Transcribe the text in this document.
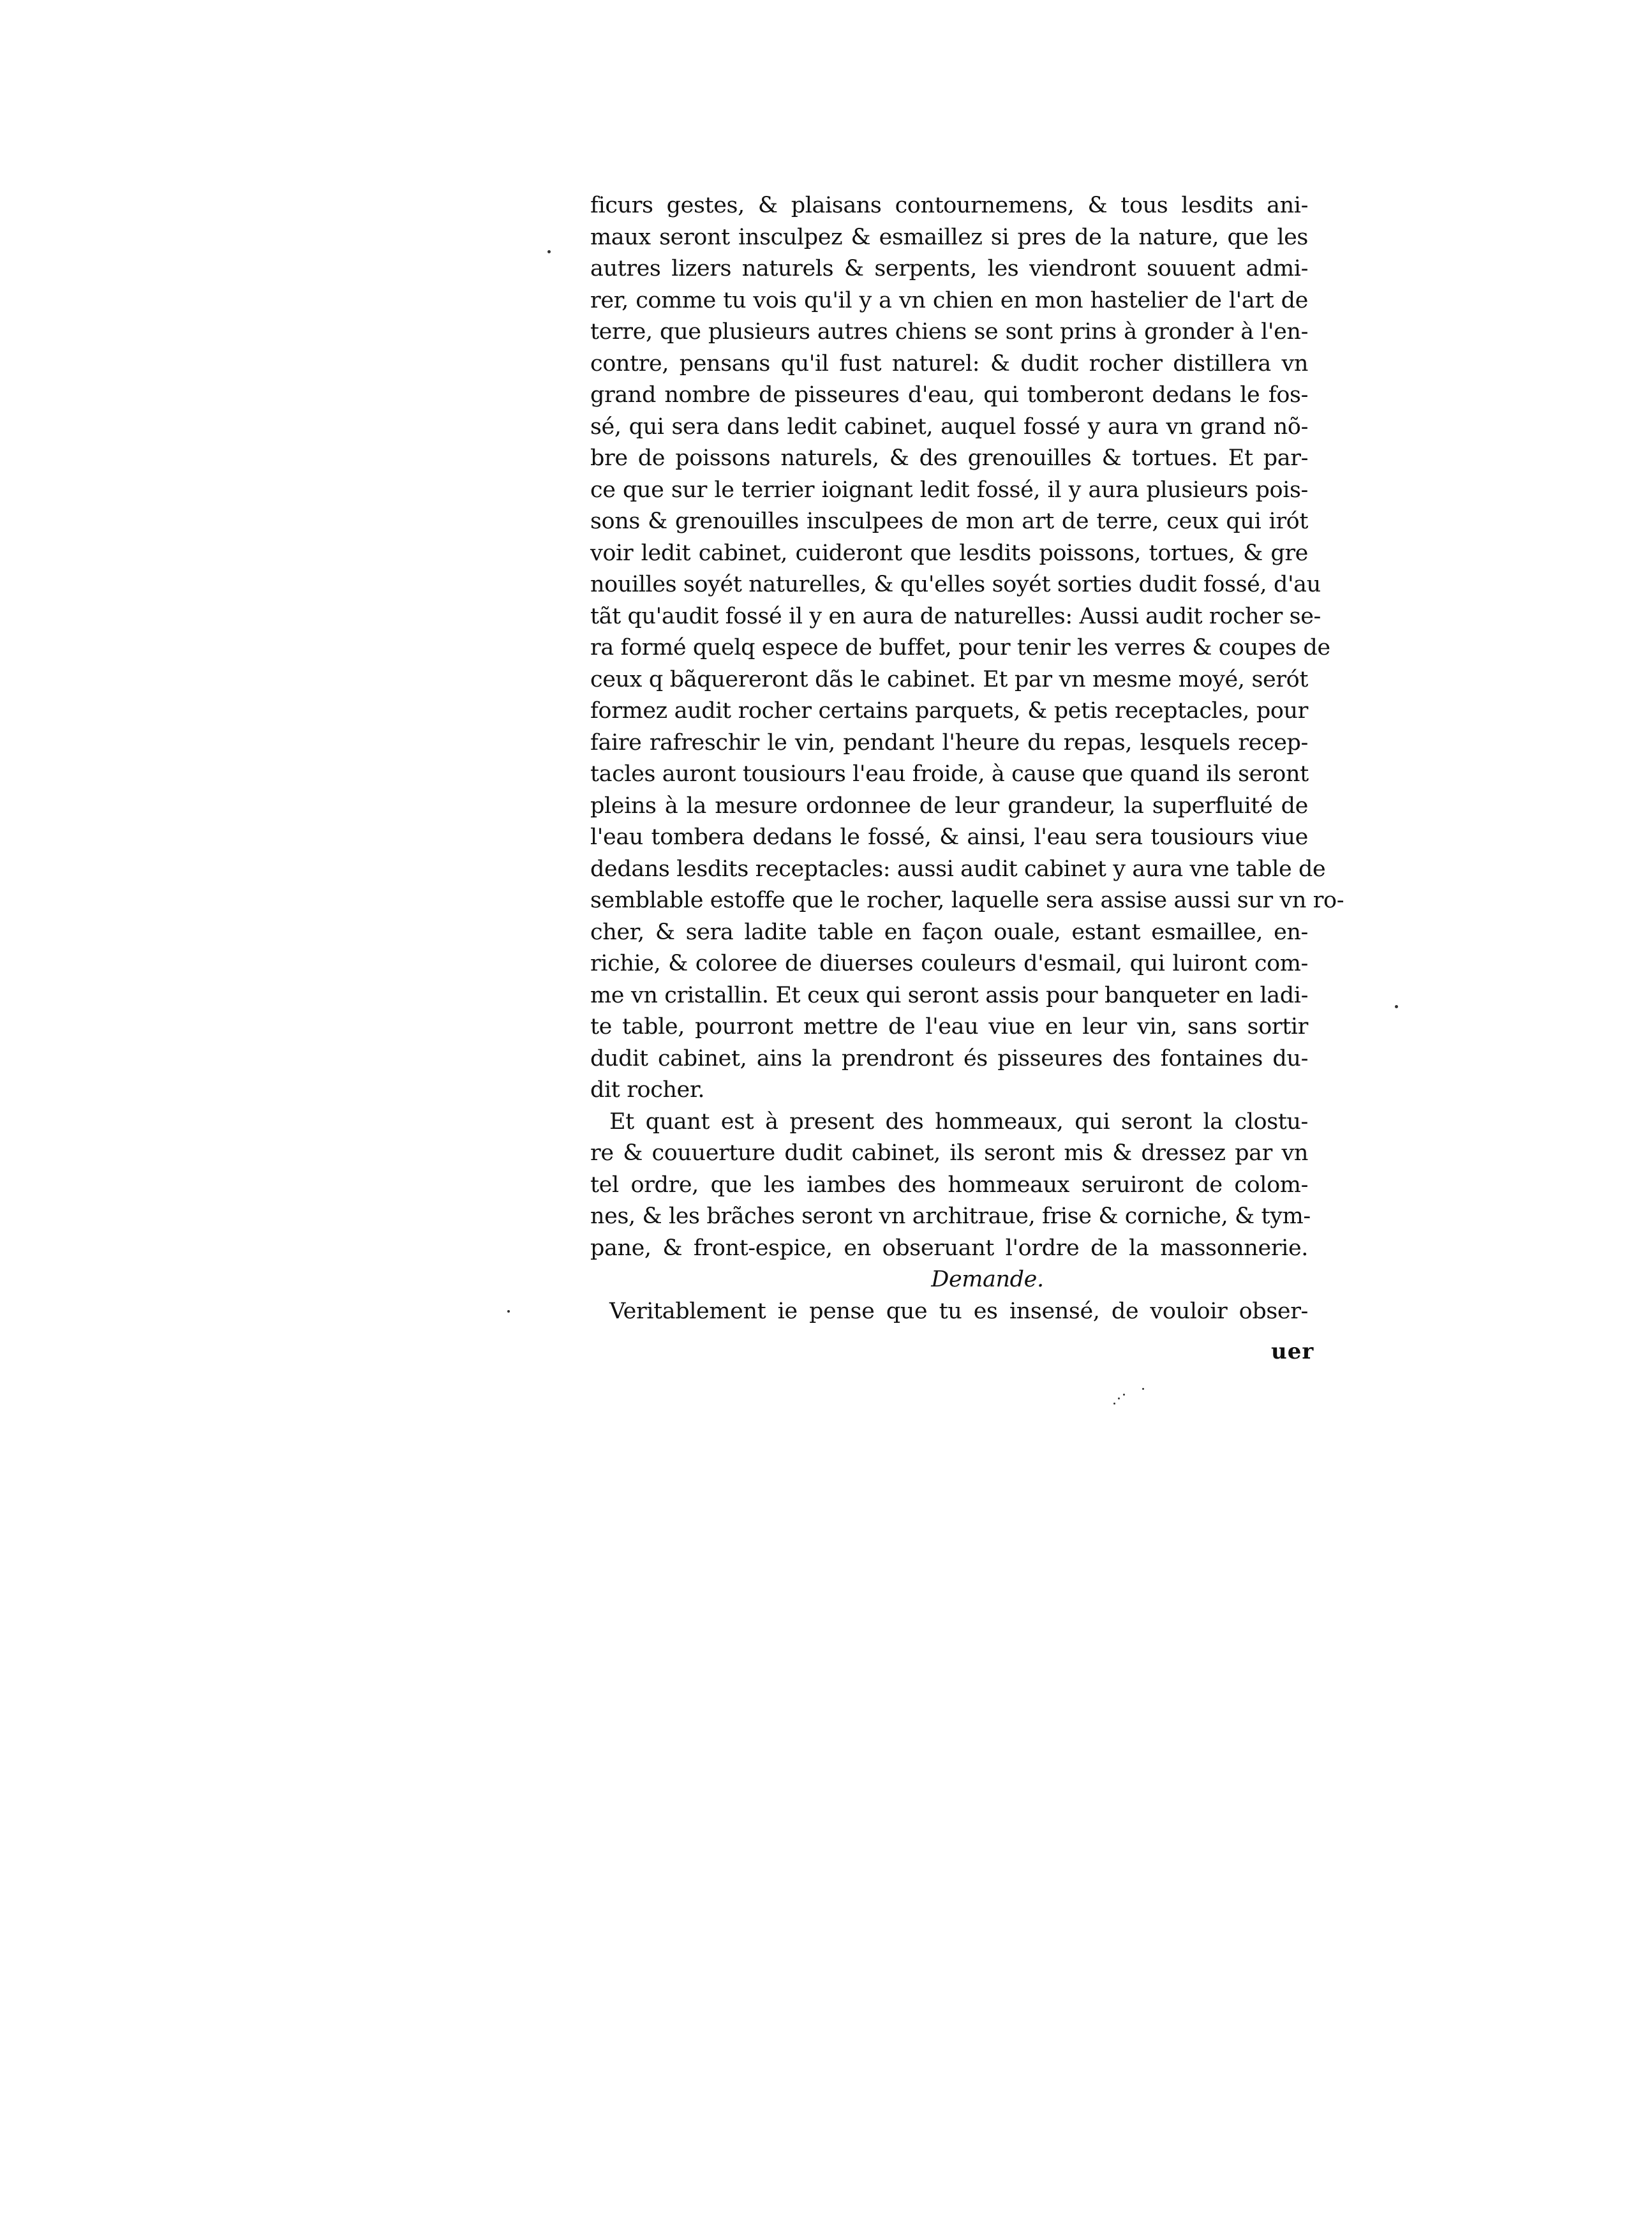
ficurs gestes, & plaisans contournemens, & tous lesdits ani-
maux seront insculpez & esmaillez si pres de la nature, que les
autres lizers naturels & serpents, les viendront souuent admi-
rer, comme tu vois qu'il y a vn chien en mon hastelier de l'art de
terre, que plusieurs autres chiens se sont prins à gronder à l'en-
contre, pensans qu'il fust naturel: & dudit rocher distillera vn
grand nombre de pisseures d'eau, qui tomberont dedans le fos-
sé, qui sera dans ledit cabinet, auquel fossé y aura vn grand nõ-
bre de poissons naturels, & des grenouilles & tortues. Et par-
ce que sur le terrier ioignant ledit fossé, il y aura plusieurs pois-
sons & grenouilles insculpees de mon art de terre, ceux qui irót
voir ledit cabinet, cuideront que lesdits poissons, tortues, & gre
nouilles soyét naturelles, & qu'elles soyét sorties dudit fossé, d'au
tãt qu'audit fossé il y en aura de naturelles: Aussi audit rocher se-
ra formé quelq espece de buffet, pour tenir les verres & coupes de
ceux q bãquereront dãs le cabinet. Et par vn mesme moyé, serót
formez audit rocher certains parquets, & petis receptacles, pour
faire rafreschir le vin, pendant l'heure du repas, lesquels recep-
tacles auront tousiours l'eau froide, à cause que quand ils seront
pleins à la mesure ordonnee de leur grandeur, la superfluité de
l'eau tombera dedans le fossé, & ainsi, l'eau sera tousiours viue
dedans lesdits receptacles: aussi audit cabinet y aura vne table de
semblable estoffe que le rocher, laquelle sera assise aussi sur vn ro-
cher, & sera ladite table en façon ouale, estant esmaillee, en-
richie, & coloree de diuerses couleurs d'esmail, qui luiront com-
me vn cristallin. Et ceux qui seront assis pour banqueter en ladi-
te table, pourront mettre de l'eau viue en leur vin, sans sortir
dudit cabinet, ains la prendront és pisseures des fontaines du-
dit rocher.
Et quant est à present des hommeaux, qui seront la clostu-
re & couuerture dudit cabinet, ils seront mis & dressez par vn
tel ordre, que les iambes des hommeaux seruiront de colom-
nes, & les brãches seront vn architraue, frise & corniche, & tym-
pane, & front-espice, en obseruant l'ordre de la massonnerie.
Demande.
Veritablement ie pense que tu es insensé, de vouloir obser-
uer
